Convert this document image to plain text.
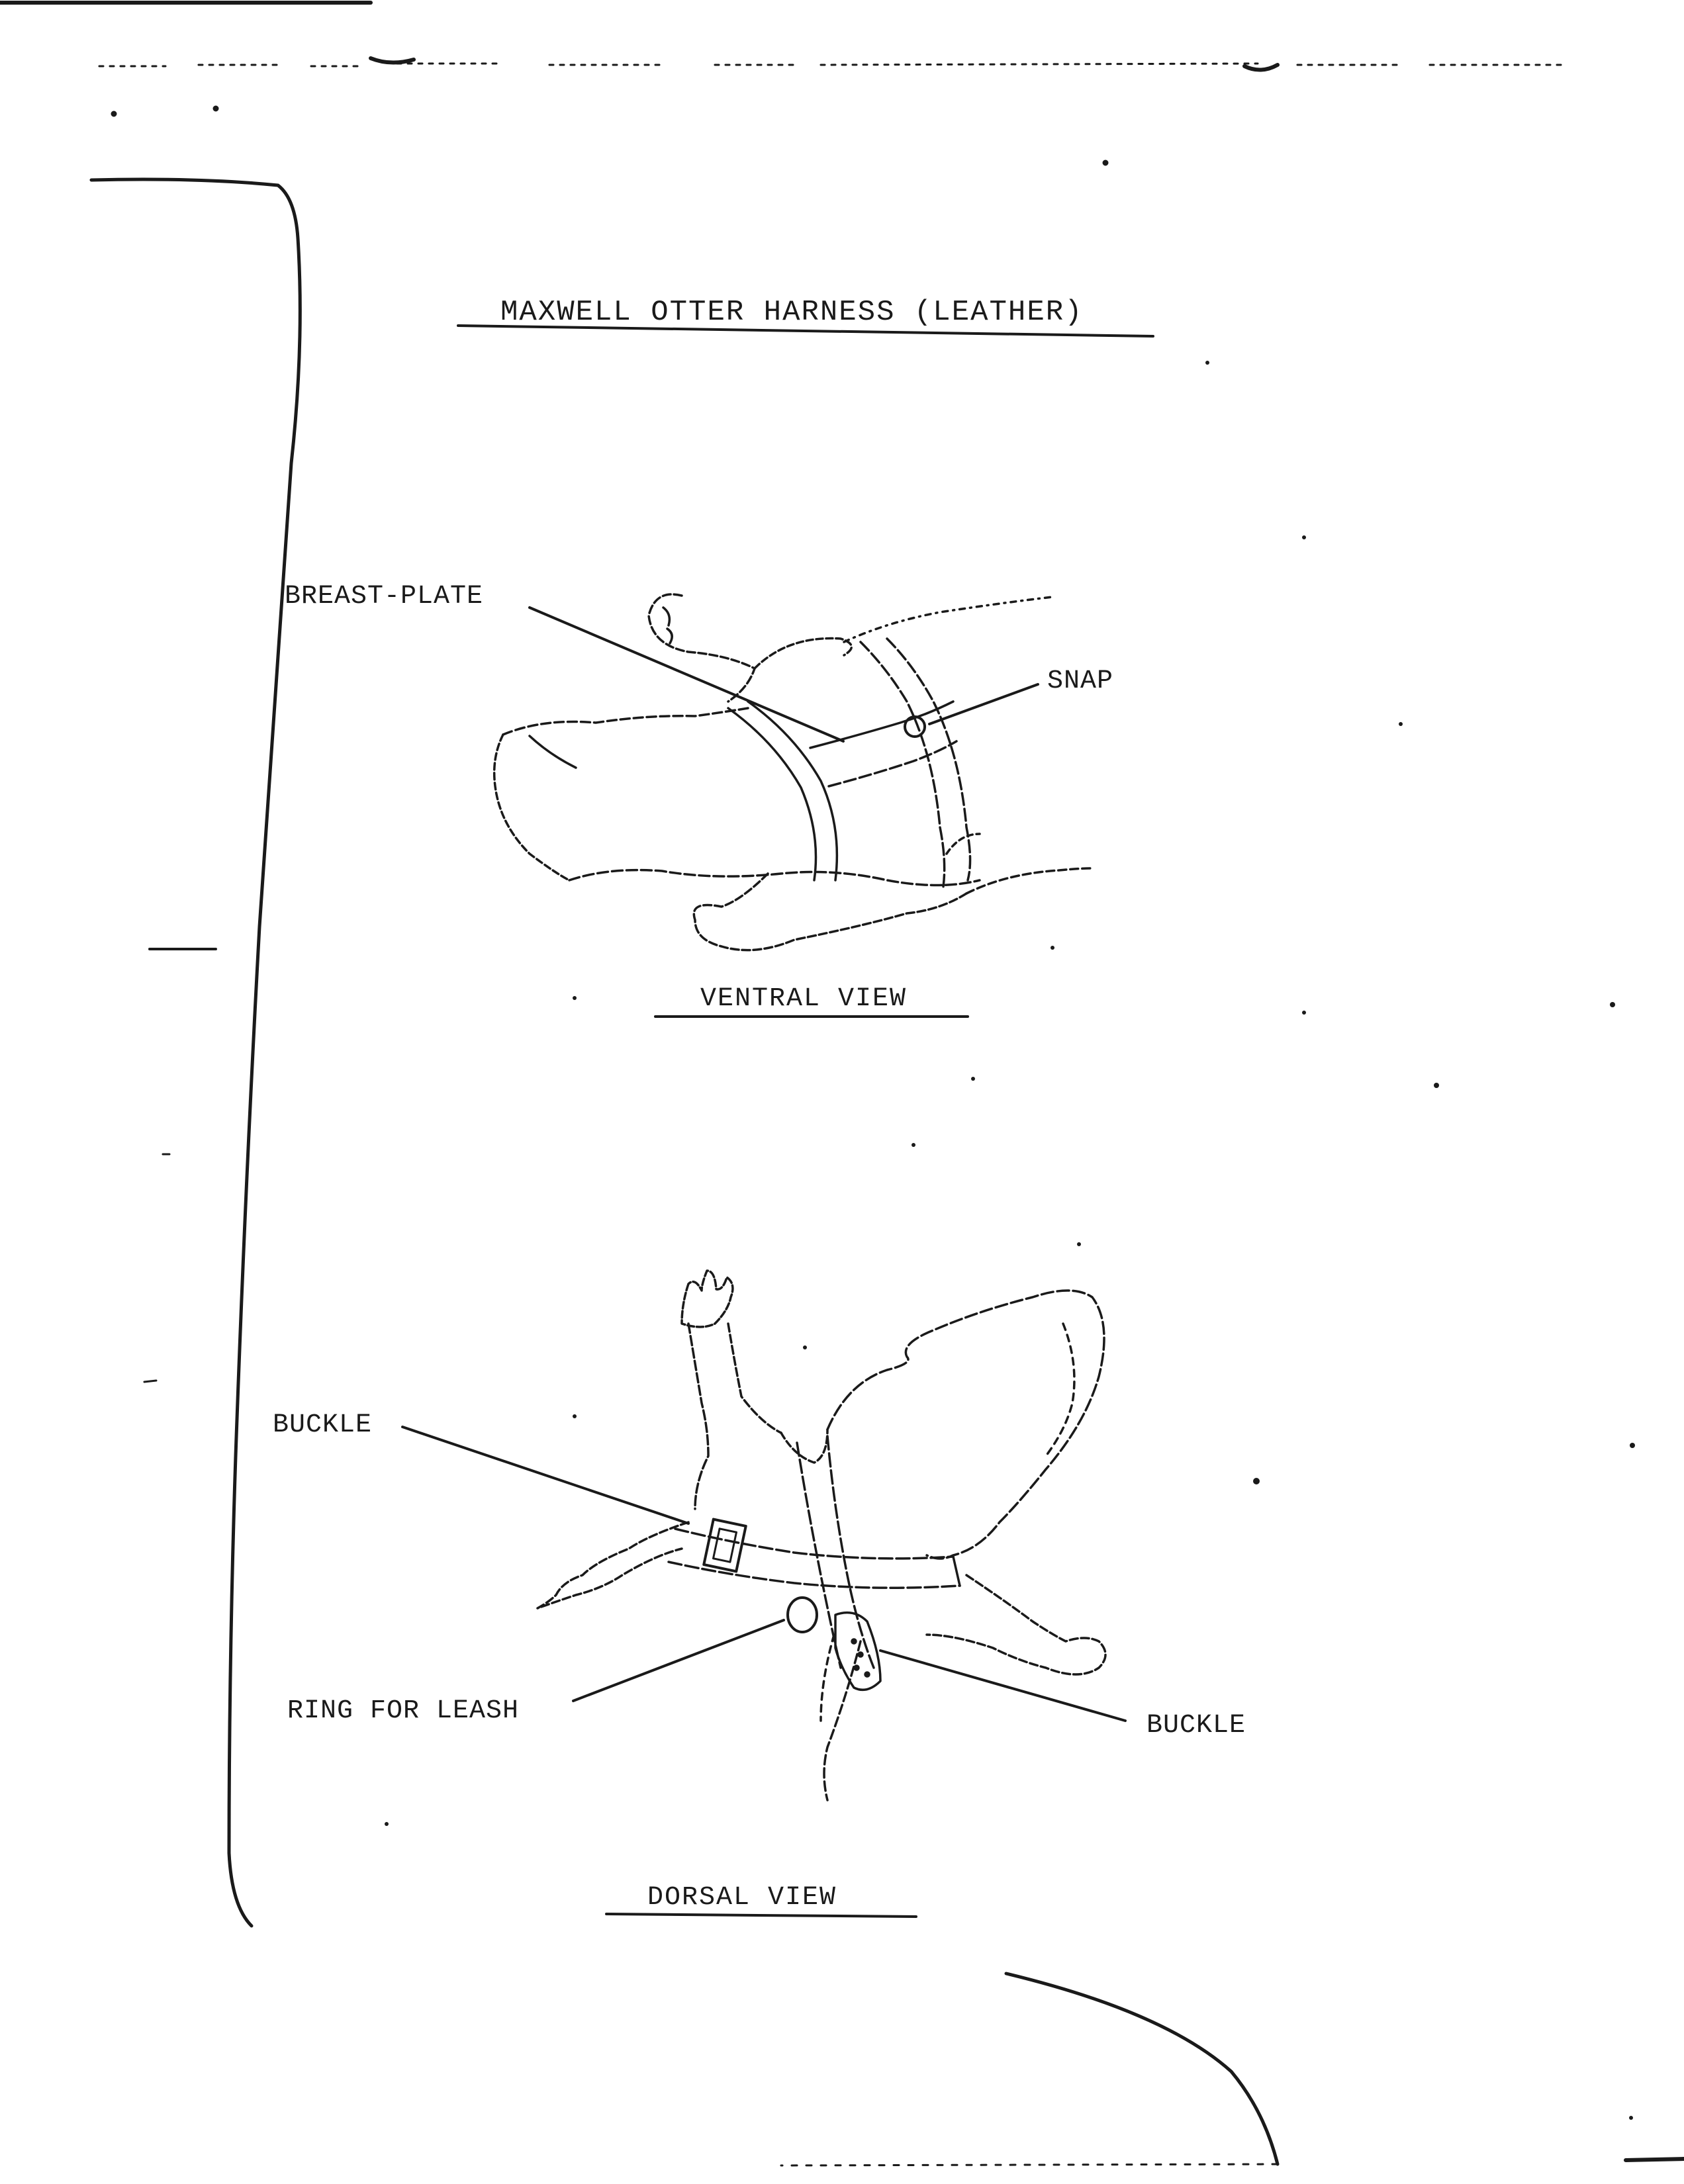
MAXWELL OTTER HARNESS (LEATHER)
BREAST-PLATE
SNAP
VENTRAL VIEW
BUCKLE
RING FOR LEASH	BUCKLE
DORSAL VIEW
